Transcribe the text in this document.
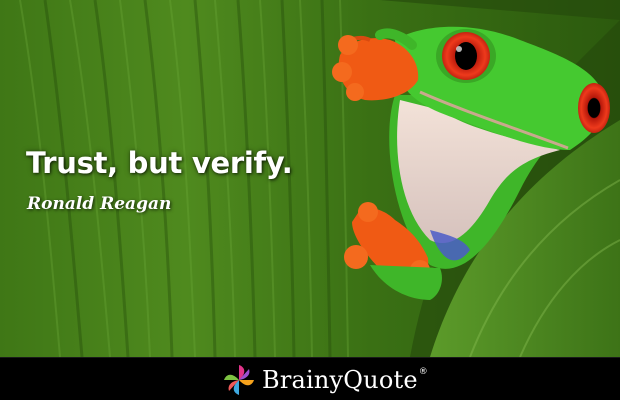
Trust, but verify.

Ronald Reagan

BrainyQuote ®
